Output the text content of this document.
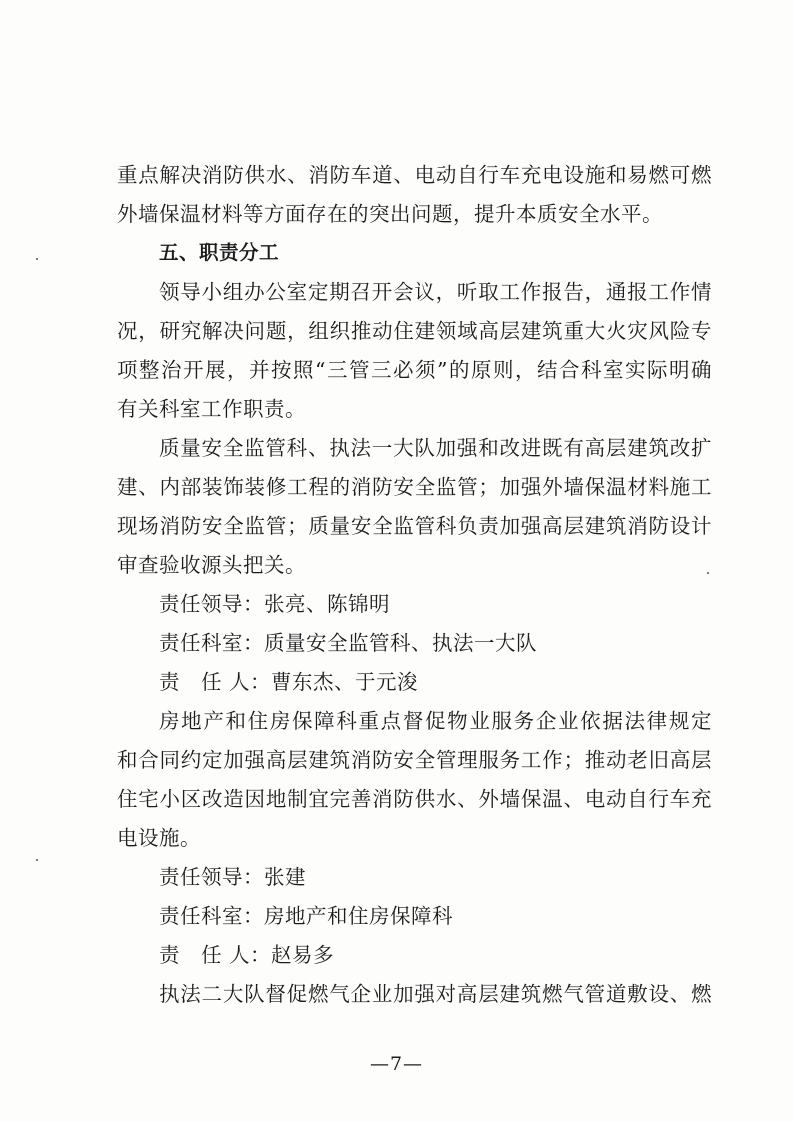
重点解决消防供水、消防车道、电动自行车充电设施和易燃可燃
外墙保温材料等方面存在的突出问题，提升本质安全水平。
五、职责分工
领导小组办公室定期召开会议，听取工作报告，通报工作情
况，研究解决问题，组织推动住建领域高层建筑重大火灾风险专
项整治开展，并按照“三管三必须”的原则，结合科室实际明确
有关科室工作职责。
质量安全监管科、执法一大队加强和改进既有高层建筑改扩
建、内部装饰装修工程的消防安全监管；加强外墙保温材料施工
现场消防安全监管；质量安全监管科负责加强高层建筑消防设计
审查验收源头把关。
责任领导：张亮、陈锦明
责任科室：质量安全监管科、执法一大队
责　任 人：曹东杰、于元浚
房地产和住房保障科重点督促物业服务企业依据法律规定
和合同约定加强高层建筑消防安全管理服务工作；推动老旧高层
住宅小区改造因地制宜完善消防供水、外墙保温、电动自行车充
电设施。
责任领导：张建
责任科室：房地产和住房保障科
责　任 人：赵易多
执法二大队督促燃气企业加强对高层建筑燃气管道敷设、燃
—7—
